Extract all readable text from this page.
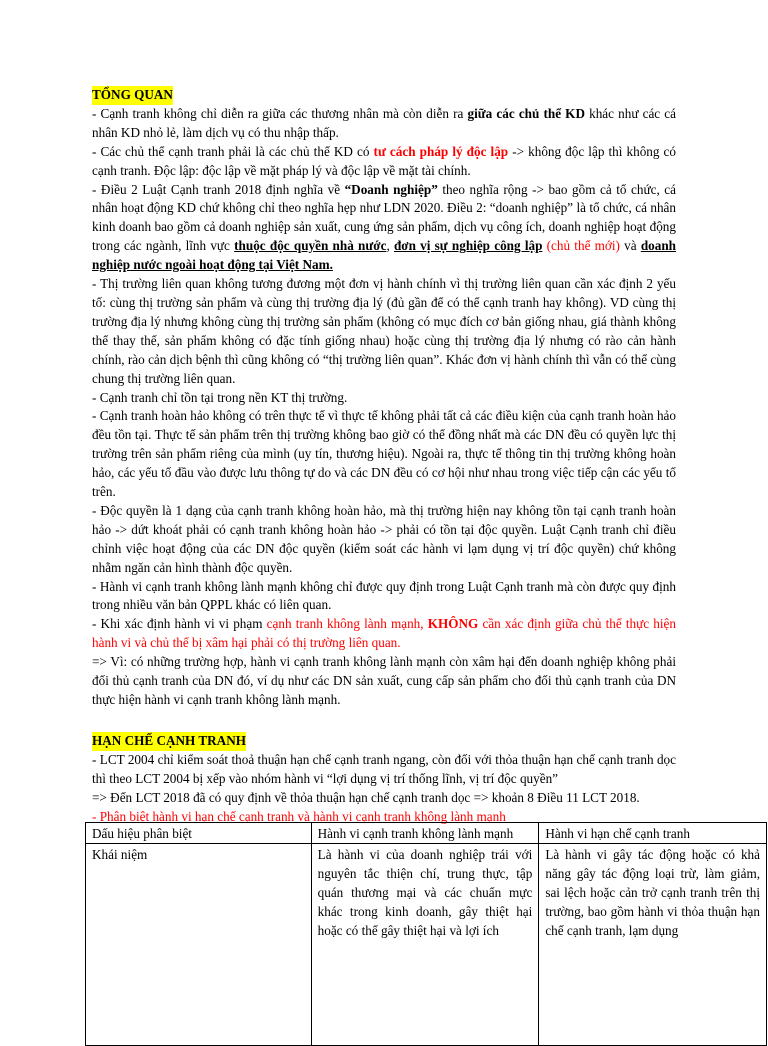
TỔNG QUAN

- Cạnh tranh không chỉ diễn ra giữa các thương nhân mà còn diễn ra giữa các chủ thể KD khác như các cá nhân KD nhỏ lẻ, làm dịch vụ có thu nhập thấp.

- Các chủ thể cạnh tranh phải là các chủ thể KD có tư cách pháp lý độc lập -> không độc lập thì không có cạnh tranh. Độc lập: độc lập về mặt pháp lý và độc lập về mặt tài chính.

- Điều 2 Luật Cạnh tranh 2018 định nghĩa về “Doanh nghiệp” theo nghĩa rộng -> bao gồm cả tổ chức, cá nhân hoạt động KD chứ không chỉ theo nghĩa hẹp như LDN 2020. Điều 2: “doanh nghiệp” là tổ chức, cá nhân kinh doanh bao gồm cả doanh nghiệp sản xuất, cung ứng sản phẩm, dịch vụ công ích, doanh nghiệp hoạt động trong các ngành, lĩnh vực thuộc độc quyền nhà nước, đơn vị sự nghiệp công lập (chủ thể mới) và doanh nghiệp nước ngoài hoạt động tại Việt Nam.

- Thị trường liên quan không tương đương một đơn vị hành chính vì thị trường liên quan cần xác định 2 yếu tố: cùng thị trường sản phẩm và cùng thị trường địa lý (đủ gần để có thể cạnh tranh hay không). VD cùng thị trường địa lý nhưng không cùng thị trường sản phẩm (không có mục đích cơ bản giống nhau, giá thành không thể thay thế, sản phẩm không có đặc tính giống nhau) hoặc cùng thị trường địa lý nhưng có rào cản hành chính, rào cản dịch bệnh thì cũng không có “thị trường liên quan”. Khác đơn vị hành chính thì vẫn có thể cùng chung thị trường liên quan.

- Cạnh tranh chỉ tồn tại trong nền KT thị trường.

- Cạnh tranh hoàn hảo không có trên thực tế vì thực tế không phải tất cả các điều kiện của cạnh tranh hoàn hảo đều tồn tại. Thực tế sản phẩm trên thị trường không bao giờ có thể đồng nhất mà các DN đều có quyền lực thị trường trên sản phẩm riêng của mình (uy tín, thương hiệu). Ngoài ra, thực tế thông tin thị trường không hoàn hảo, các yếu tố đầu vào được lưu thông tự do và các DN đều có cơ hội như nhau trong việc tiếp cận các yếu tố trên.

- Độc quyền là 1 dạng của cạnh tranh không hoàn hảo, mà thị trường hiện nay không tồn tại cạnh tranh hoàn hảo -> dứt khoát phải có cạnh tranh không hoàn hảo -> phải có tồn tại độc quyền. Luật Cạnh tranh chỉ điều chỉnh việc hoạt động của các DN độc quyền (kiểm soát các hành vi lạm dụng vị trí độc quyền) chứ không nhằm ngăn cản hình thành độc quyền.

- Hành vi cạnh tranh không lành mạnh không chỉ được quy định trong Luật Cạnh tranh mà còn được quy định trong nhiều văn bản QPPL khác có liên quan.

- Khi xác định hành vi vi phạm cạnh tranh không lành mạnh, KHÔNG cần xác định giữa chủ thể thực hiện hành vi và chủ thể bị xâm hại phải có thị trường liên quan.

=> Vì: có những trường hợp, hành vi cạnh tranh không lành mạnh còn xâm hại đến doanh nghiệp không phải đối thủ cạnh tranh của DN đó, ví dụ như các DN sản xuất, cung cấp sản phẩm cho đối thủ cạnh tranh của DN thực hiện hành vi cạnh tranh không lành mạnh.

HẠN CHẾ CẠNH TRANH

- LCT 2004 chỉ kiểm soát thoả thuận hạn chế cạnh tranh ngang, còn đối với thỏa thuận hạn chế cạnh tranh dọc thì theo LCT 2004 bị xếp vào nhóm hành vi “lợi dụng vị trí thống lĩnh, vị trí độc quyền”

=> Đến LCT 2018 đã có quy định về thỏa thuận hạn chế cạnh tranh dọc => khoản 8 Điều 11 LCT 2018.

- Phân biệt hành vi hạn chế cạnh tranh và hành vi cạnh tranh không lành mạnh

Dấu hiệu phân biệt	Hành vi cạnh tranh không lành mạnh	Hành vi hạn chế cạnh tranh
Khái niệm	Là hành vi của doanh nghiệp trái với nguyên tắc thiện chí, trung thực, tập quán thương mại và các chuẩn mực khác trong kinh doanh, gây thiệt hại hoặc có thể gây thiệt hại và lợi ích	Là hành vi gây tác động hoặc có khả năng gây tác động loại trừ, làm giảm, sai lệch hoặc cản trở cạnh tranh trên thị trường, bao gồm hành vi thỏa thuận hạn chế cạnh tranh, lạm dụng
